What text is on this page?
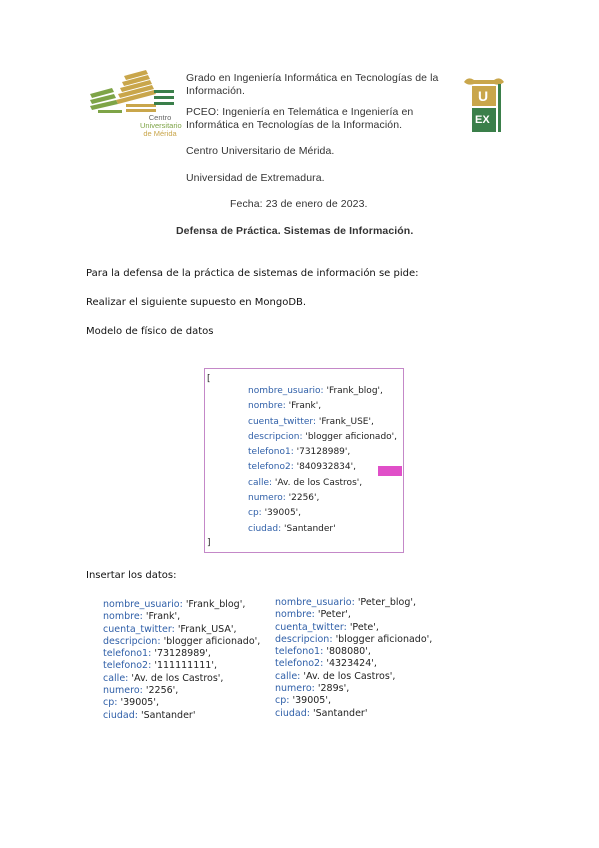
Centro
Universitario
de Mérida
U
EX
Grado en Ingeniería Informática en Tecnologías de la Información.
PCEO: Ingeniería en Telemática e Ingeniería en Informática en Tecnologías de la Información.
Centro Universitario de Mérida.
Universidad de Extremadura.
Fecha: 23 de enero de 2023.
Defensa de Práctica. Sistemas de Información.
Para la defensa de la práctica de sistemas de información se pide:
Realizar el siguiente supuesto en MongoDB.
Modelo de físico de datos
[
nombre_usuario: 'Frank_blog',
nombre: 'Frank',
cuenta_twitter: 'Frank_USE',
descripcion: 'blogger aficionado',
telefono1: '73128989',
telefono2: '840932834',
calle: 'Av. de los Castros',
numero: '2256',
cp: '39005',
ciudad: 'Santander'
]
Insertar los datos:
nombre_usuario: 'Frank_blog',
nombre: 'Frank',
cuenta_twitter: 'Frank_USA',
descripcion: 'blogger aficionado',
telefono1: '73128989',
telefono2: '111111111',
calle: 'Av. de los Castros',
numero: '2256',
cp: '39005',
ciudad: 'Santander'
nombre_usuario: 'Peter_blog',
nombre: 'Peter',
cuenta_twitter: 'Pete',
descripcion: 'blogger aficionado',
telefono1: '808080',
telefono2: '4323424',
calle: 'Av. de los Castros',
numero: '289s',
cp: '39005',
ciudad: 'Santander'
